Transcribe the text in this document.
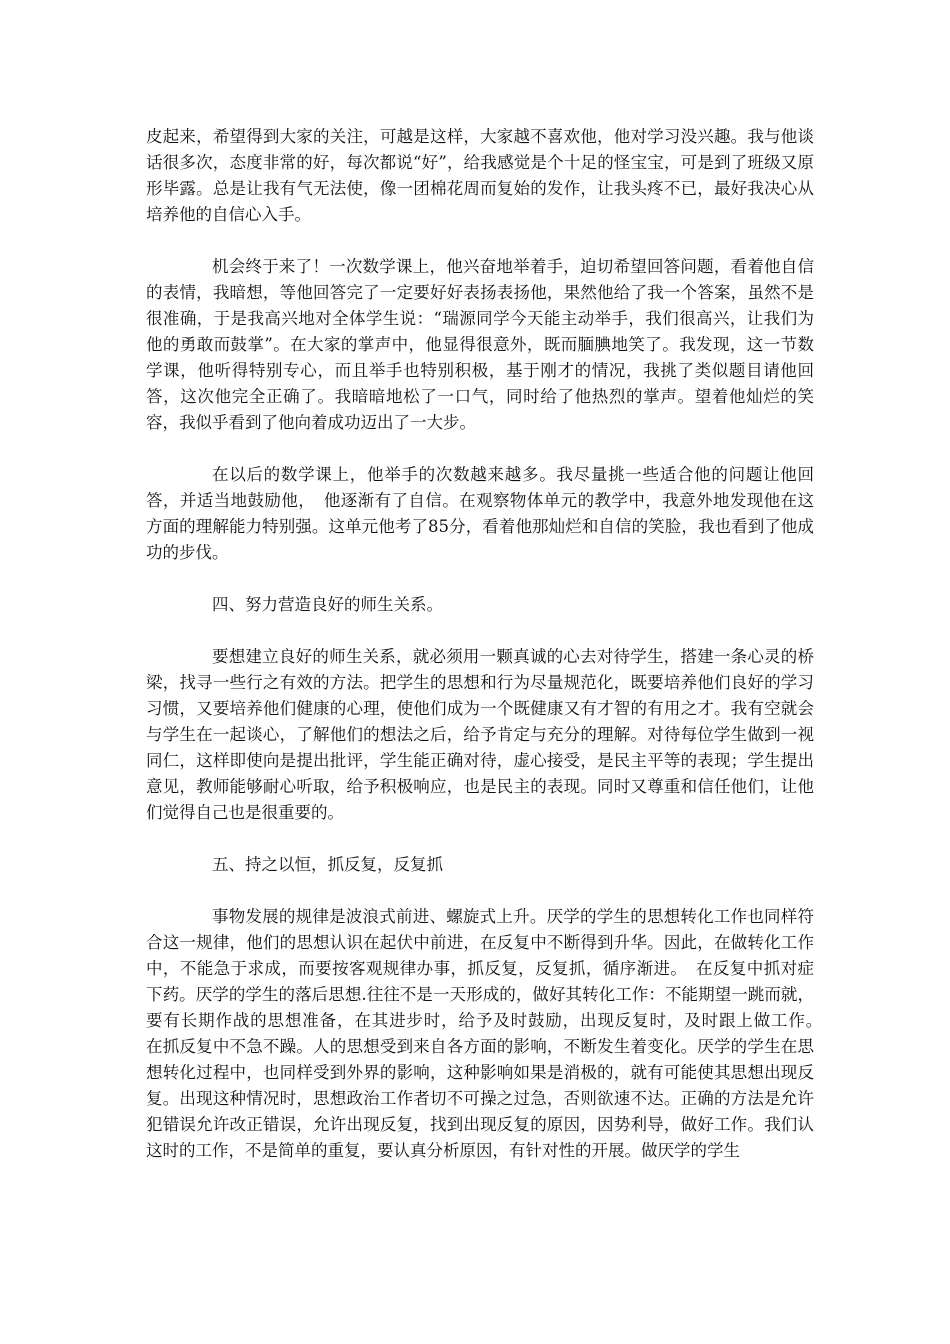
皮起来，希望得到大家的关注，可越是这样，大家越不喜欢他，他对学习没兴趣。我与他谈话很多次，态度非常的好，每次都说“好”，给我感觉是个十足的怪宝宝，可是到了班级又原形毕露。总是让我有气无法使，像一团棉花周而复始的发作，让我头疼不已，最好我决心从培养他的自信心入手。

机会终于来了！一次数学课上，他兴奋地举着手，迫切希望回答问题，看着他自信的表情，我暗想，等他回答完了一定要好好表扬表扬他，果然他给了我一个答案，虽然不是很准确，于是我高兴地对全体学生说：“瑞源同学今天能主动举手，我们很高兴，让我们为他的勇敢而鼓掌”。在大家的掌声中，他显得很意外，既而腼腆地笑了。我发现，这一节数学课，他听得特别专心，而且举手也特别积极，基于刚才的情况，我挑了类似题目请他回答，这次他完全正确了。我暗暗地松了一口气，同时给了他热烈的掌声。望着他灿烂的笑容，我似乎看到了他向着成功迈出了一大步。

在以后的数学课上，他举手的次数越来越多。我尽量挑一些适合他的问题让他回答，并适当地鼓励他，　他逐渐有了自信。在观察物体单元的教学中，我意外地发现他在这方面的理解能力特别强。这单元他考了85分，看着他那灿烂和自信的笑脸，我也看到了他成功的步伐。

四、努力营造良好的师生关系。

要想建立良好的师生关系，就必须用一颗真诚的心去对待学生，搭建一条心灵的桥梁，找寻一些行之有效的方法。把学生的思想和行为尽量规范化，既要培养他们良好的学习习惯，又要培养他们健康的心理，使他们成为一个既健康又有才智的有用之才。我有空就会与学生在一起谈心，了解他们的想法之后，给予肯定与充分的理解。对待每位学生做到一视同仁，这样即使向是提出批评，学生能正确对待，虚心接受，是民主平等的表现；学生提出意见，教师能够耐心听取，给予积极响应，也是民主的表现。同时又尊重和信任他们，让他们觉得自己也是很重要的。

五、持之以恒，抓反复，反复抓

事物发展的规律是波浪式前进、螺旋式上升。厌学的学生的思想转化工作也同样符合这一规律，他们的思想认识在起伏中前进，在反复中不断得到升华。因此，在做转化工作中，不能急于求成，而要按客观规律办事，抓反复，反复抓，循序渐进。　在反复中抓对症下药。厌学的学生的落后思想.往往不是一天形成的，做好其转化工作：不能期望一跳而就，要有长期作战的思想准备，在其进步时，给予及时鼓励，出现反复时，及时跟上做工作。　在抓反复中不急不躁。人的思想受到来自各方面的影响，不断发生着变化。厌学的学生在思想转化过程中，也同样受到外界的影响，这种影响如果是消极的，就有可能使其思想出现反复。出现这种情况时，思想政治工作者切不可操之过急，否则欲速不达。正确的方法是允许犯错误允许改正错误，允许出现反复，找到出现反复的原因，因势利导，做好工作。我们认这时的工作，不是简单的重复，要认真分析原因，有针对性的开展。做厌学的学生
